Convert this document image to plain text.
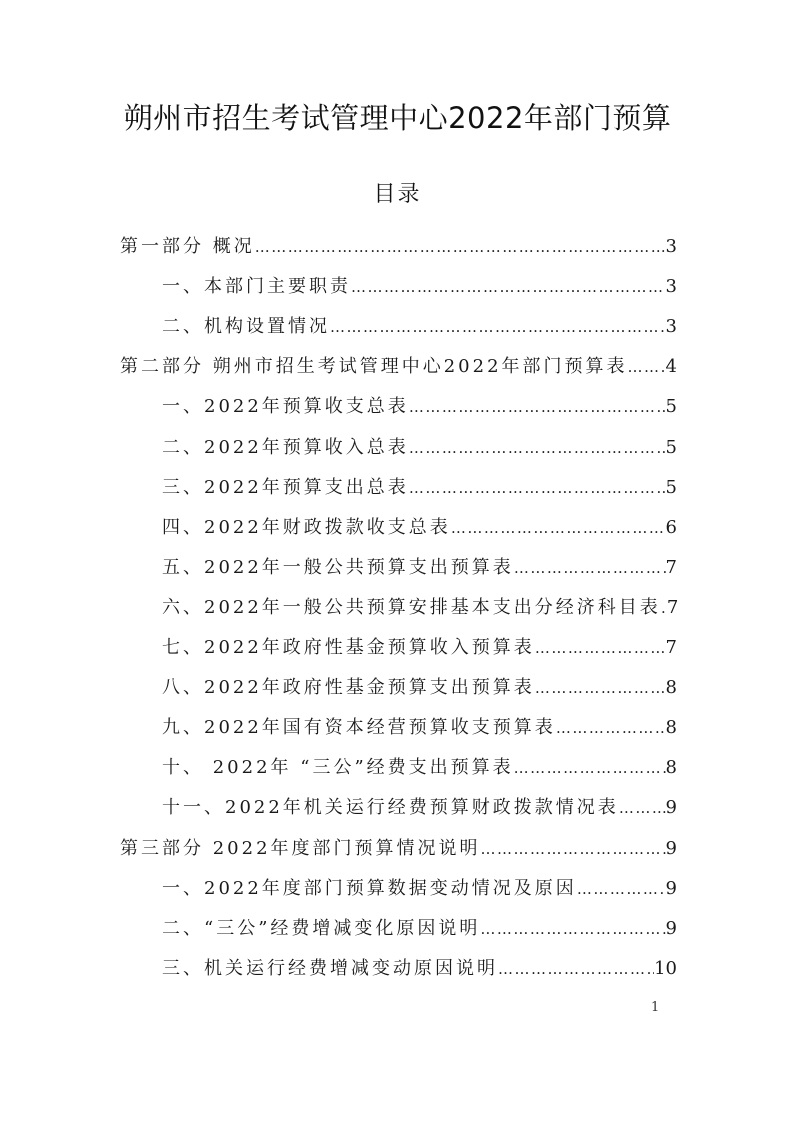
朔州市招生考试管理中心2022年部门预算
目录
第一部分 概况 …………………………………………………………………………………………………………………………	3
一、本部门主要职责 …………………………………………………………………………………………………………………………	3
二、机构设置情况 …………………………………………………………………………………………………………………………	3
第二部分 朔州市招生考试管理中心2022年部门预算表 ………………………………………………………………………………………………………………………… 4
一、2022年预算收支总表 …………………………………………………………………………………………………………………………	5
二、2022年预算收入总表 …………………………………………………………………………………………………………………………	5
三、2022年预算支出总表 …………………………………………………………………………………………………………………………	5
四、2022年财政拨款收支总表 …………………………………………………………………………………………………………………………	6
五、2022年一般公共预算支出预算表 …………………………………………………………………………………………………………………………	7
六、2022年一般公共预算安排基本支出分经济科目表 ………………………………………………………………………………………………………………………… 7
七、2022年政府性基金预算收入预算表 …………………………………………………………………………………………………………………………	7
八、2022年政府性基金预算支出预算表 …………………………………………………………………………………………………………………………	8
九、2022年国有资本经营预算收支预算表 …………………………………………………………………………………………………………………………	8
十、 2022年 “三公”经费支出预算表 …………………………………………………………………………………………………………………………	8
十一、2022年机关运行经费预算财政拨款情况表 …………………………………………………………………………………………………………………………	9
第三部分 2022年度部门预算情况说明 …………………………………………………………………………………………………………………………	9
一、2022年度部门预算数据变动情况及原因 …………………………………………………………………………………………………………………………	9
二、“三公”经费增减变化原因说明 …………………………………………………………………………………………………………………………	9
三、机关运行经费增减变动原因说明 …………………………………………………………………………………………………………………………	10
1
